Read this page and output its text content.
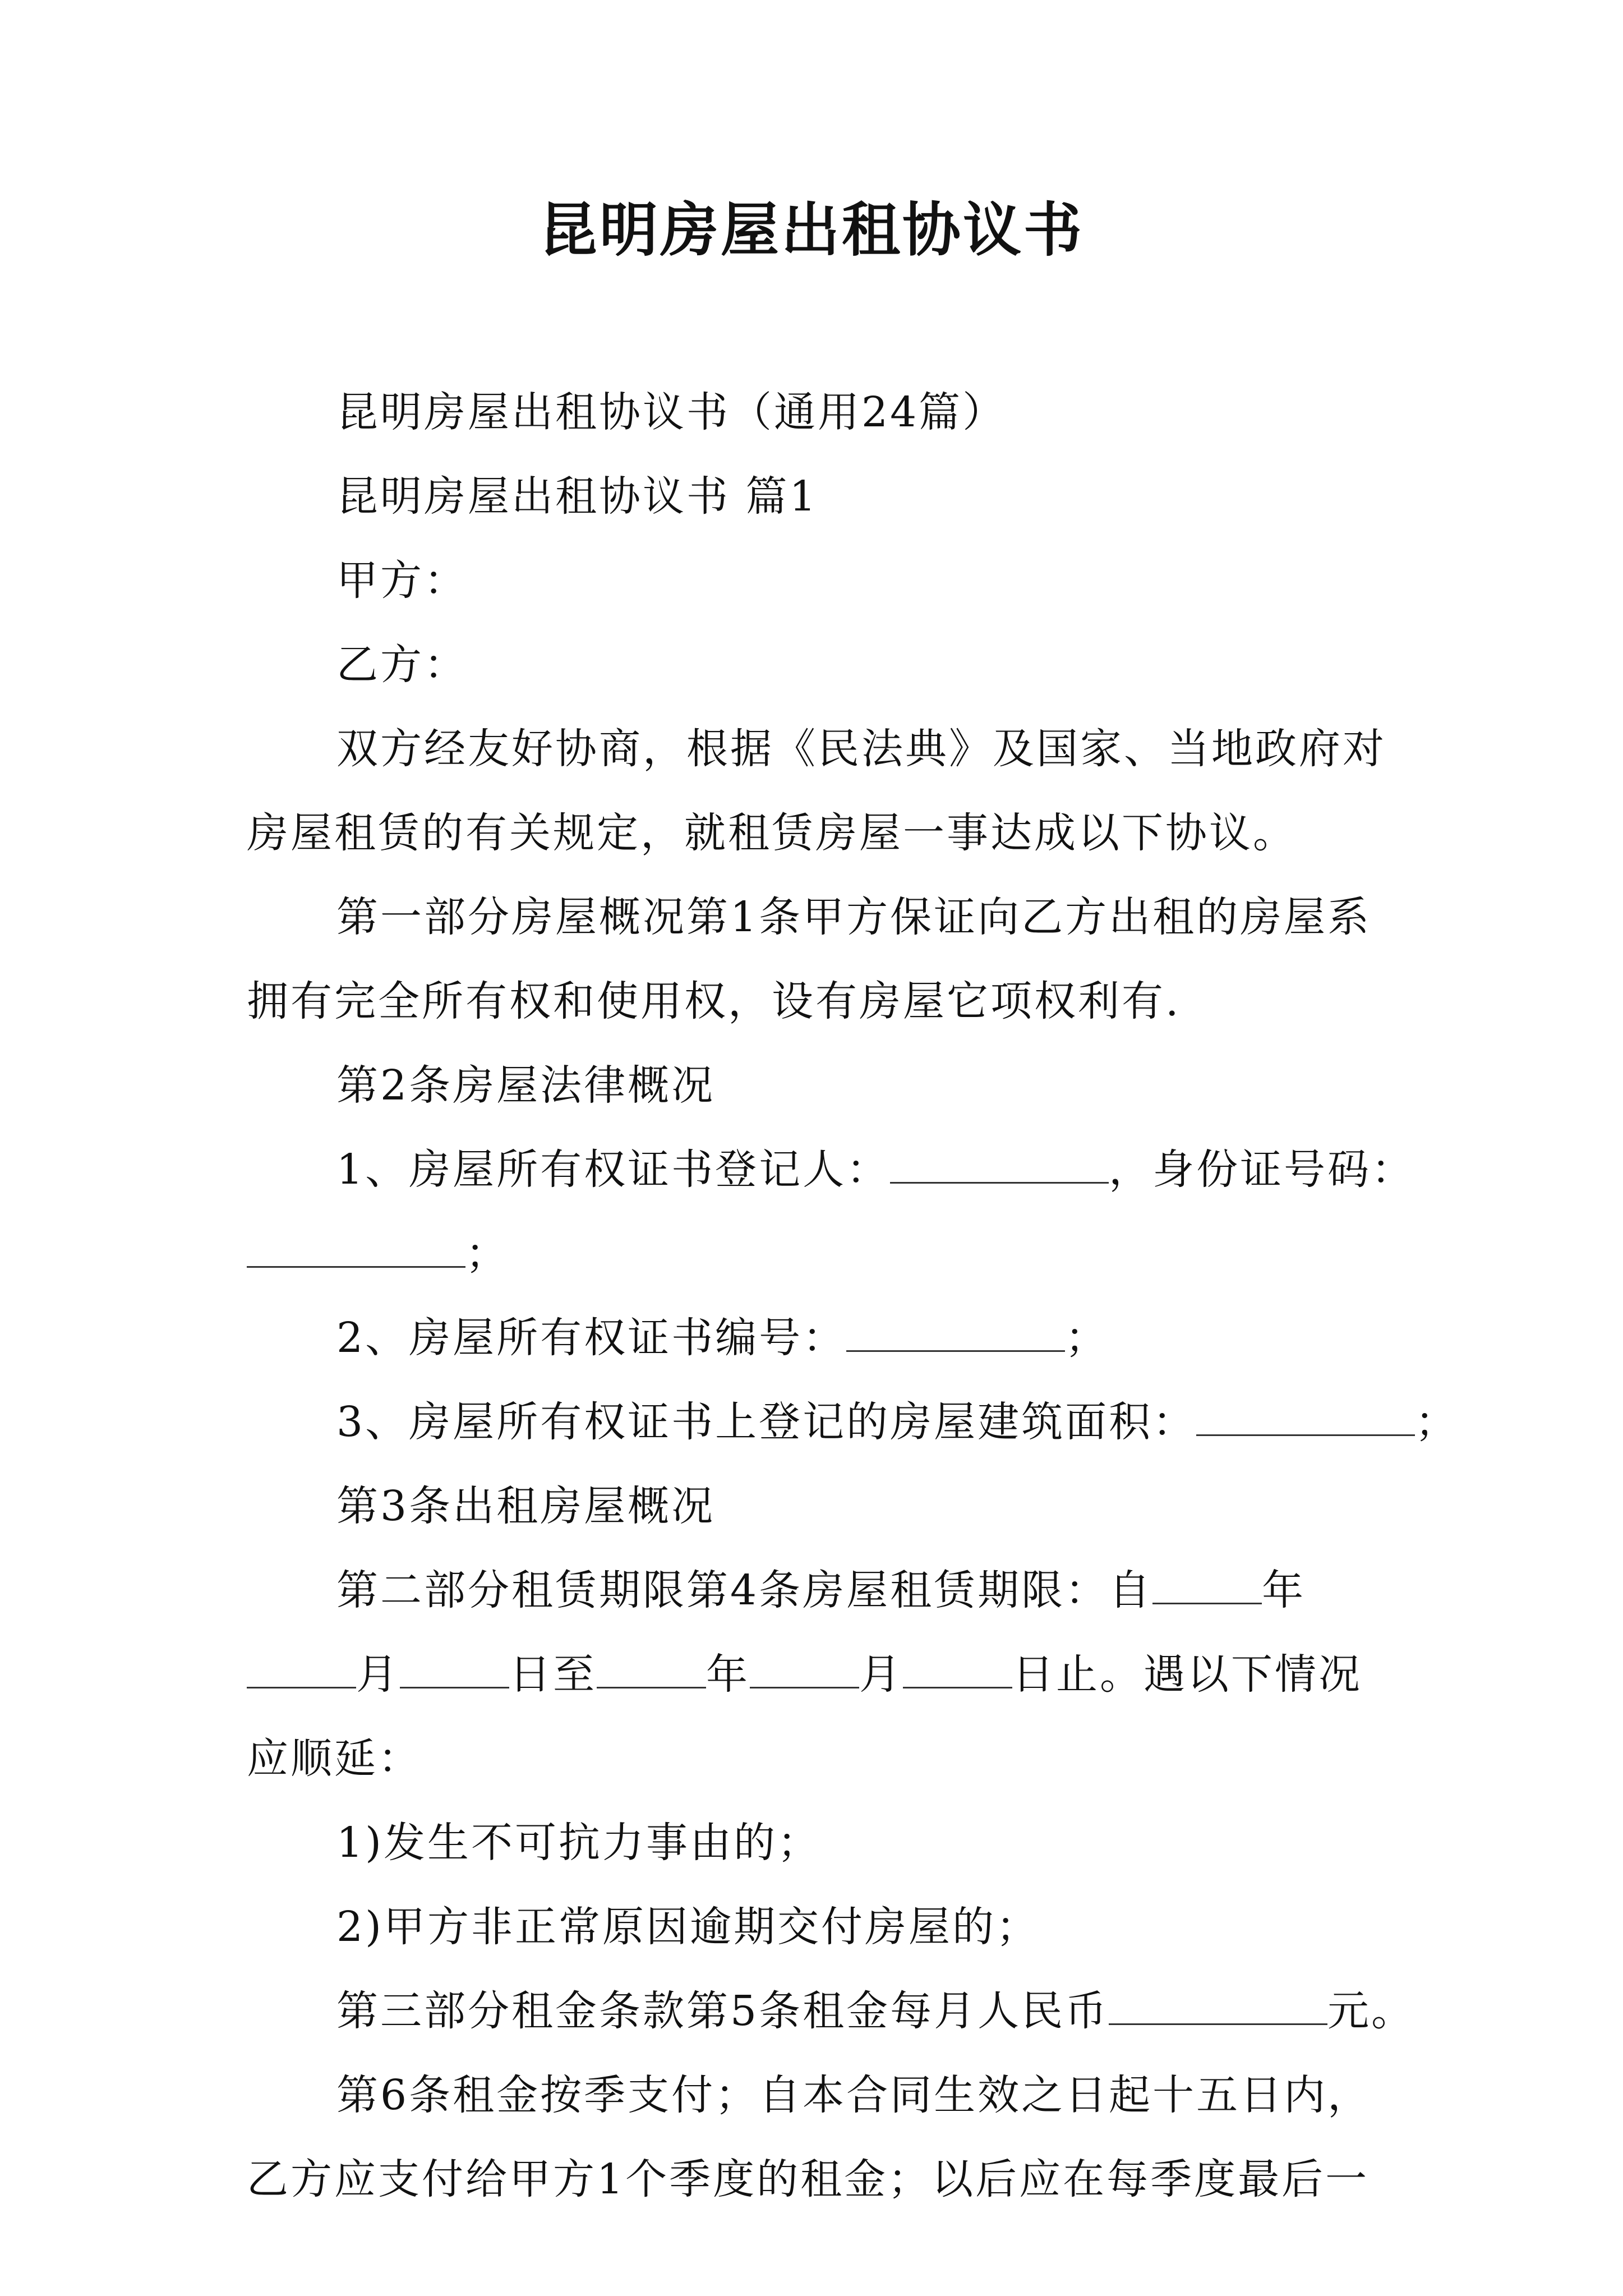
昆明房屋出租协议书
昆明房屋出租协议书（通用24篇）
昆明房屋出租协议书 篇1
甲方：
乙方：
双方经友好协商，根据《民法典》及国家、当地政府对
房屋租赁的有关规定，就租赁房屋一事达成以下协议。
第一部分房屋概况第1条甲方保证向乙方出租的房屋系
拥有完全所有权和使用权，设有房屋它项权利有.
第2条房屋法律概况
1、房屋所有权证书登记人：	，身份证号码：
；
2、房屋所有权证书编号：	；
3、房屋所有权证书上登记的房屋建筑面积：	；
第3条出租房屋概况
第二部分租赁期限第4条房屋租赁期限：自	年
月	日至	年	月	日止。遇以下情况
应顺延：
1)发生不可抗力事由的；
2)甲方非正常原因逾期交付房屋的；
第三部分租金条款第5条租金每月人民币	元。
第6条租金按季支付；自本合同生效之日起十五日内，
乙方应支付给甲方1个季度的租金；以后应在每季度最后一
